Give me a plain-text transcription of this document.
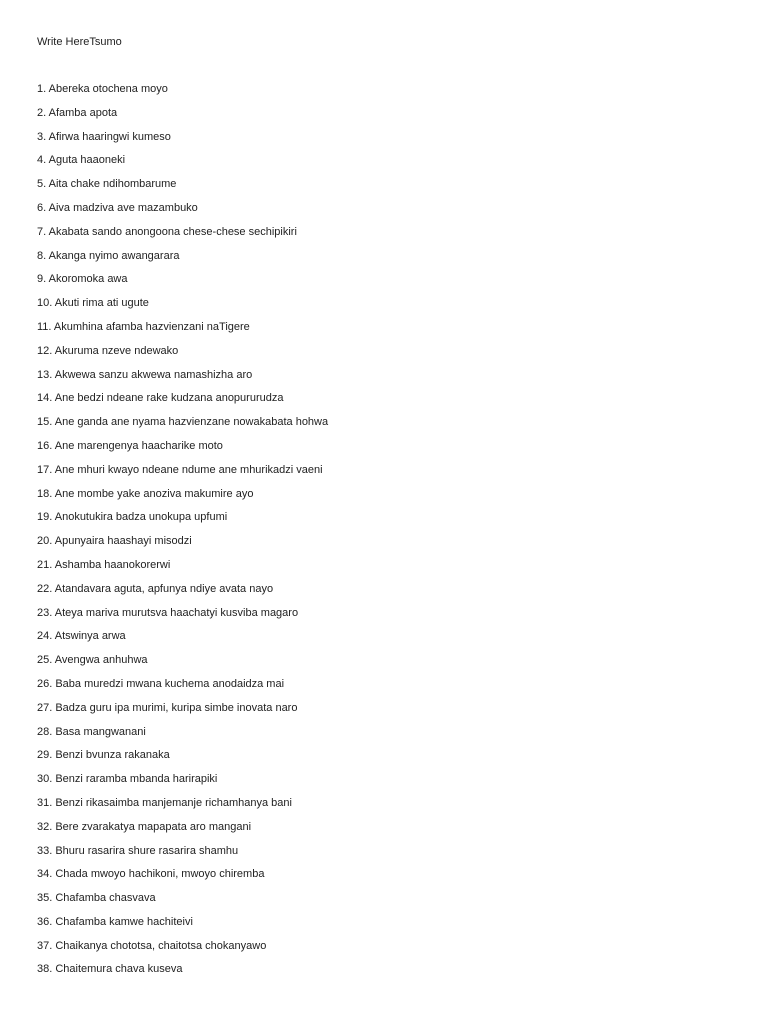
Write HereTsumo
1. Abereka otochena moyo
2. Afamba apota
3. Afirwa haaringwi kumeso
4. Aguta haaoneki
5. Aita chake ndihombarume
6. Aiva madziva ave mazambuko
7. Akabata sando anongoona chese-chese sechipikiri
8. Akanga nyimo awangarara
9. Akoromoka awa
10. Akuti rima ati ugute
11. Akumhina afamba hazvienzani naTigere
12. Akuruma nzeve ndewako
13. Akwewa sanzu akwewa namashizha aro
14. Ane bedzi ndeane rake kudzana anopururudza
15. Ane ganda ane nyama hazvienzane nowakabata hohwa
16. Ane marengenya haacharike moto
17. Ane mhuri kwayo ndeane ndume ane mhurikadzi vaeni
18. Ane mombe yake anoziva makumire ayo
19. Anokutukira badza unokupa upfumi
20. Apunyaira haashayi misodzi
21. Ashamba haanokorerwi
22. Atandavara aguta, apfunya ndiye avata nayo
23. Ateya mariva murutsva haachatyi kusviba magaro
24. Atswinya arwa
25. Avengwa anhuhwa
26. Baba muredzi mwana kuchema anodaidza mai
27. Badza guru ipa murimi, kuripa simbe inovata naro
28. Basa mangwanani
29. Benzi bvunza rakanaka
30. Benzi raramba mbanda harirapiki
31. Benzi rikasaimba manjemanje richamhanya bani
32. Bere zvarakatya mapapata aro mangani
33. Bhuru rasarira shure rasarira shamhu
34. Chada mwoyo hachikoni, mwoyo chiremba
35. Chafamba chasvava
36. Chafamba kamwe hachiteivi
37. Chaikanya chototsa, chaitotsa chokanyawo
38. Chaitemura chava kuseva
